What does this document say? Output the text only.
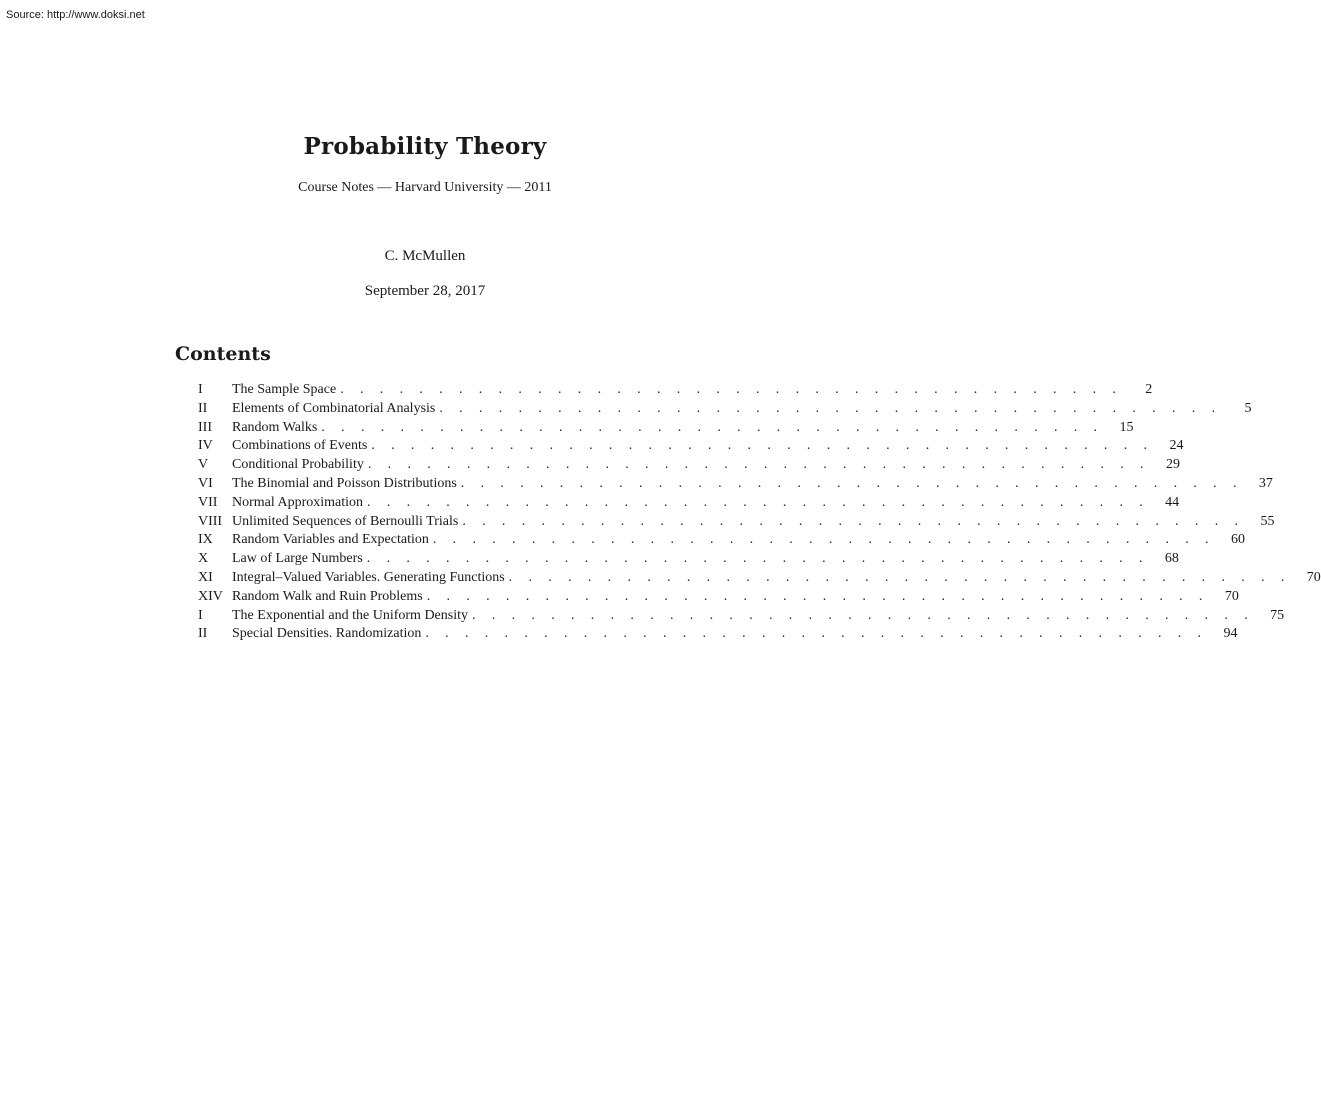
Source: http://www.doksi.net
Probability Theory
Course Notes — Harvard University — 2011
C. McMullen
September 28, 2017
Contents
I	The Sample Space . . . . . . . . . . . . . . . . . . . . . . . . . . . . . . . . . . . . . . . .	2
II	Elements of Combinatorial Analysis . . . . . . . . . . . . . . . . . . . . . . . . . . . . . . . . . . . . . . . .	5
III	Random Walks . . . . . . . . . . . . . . . . . . . . . . . . . . . . . . . . . . . . . . . .	15
IV	Combinations of Events . . . . . . . . . . . . . . . . . . . . . . . . . . . . . . . . . . . . . . . .	24
V	Conditional Probability . . . . . . . . . . . . . . . . . . . . . . . . . . . . . . . . . . . . . . . .	29
VI	The Binomial and Poisson Distributions . . . . . . . . . . . . . . . . . . . . . . . . . . . . . . . . . . . . . . . .	37
VII	Normal Approximation . . . . . . . . . . . . . . . . . . . . . . . . . . . . . . . . . . . . . . . .	44
VIII Unlimited Sequences of Bernoulli Trials . . . . . . . . . . . . . . . . . . . . . . . . . . . . . . . . . . . . . . . .	55
IX	Random Variables and Expectation . . . . . . . . . . . . . . . . . . . . . . . . . . . . . . . . . . . . . . . .	60
X	Law of Large Numbers . . . . . . . . . . . . . . . . . . . . . . . . . . . . . . . . . . . . . . . .	68
XI	Integral–Valued Variables. Generating Functions . . . . . . . . . . . . . . . . . . . . . . . . . . . . . . . . . . . . . . . .	70
XIV Random Walk and Ruin Problems . . . . . . . . . . . . . . . . . . . . . . . . . . . . . . . . . . . . . . . .	70
I	The Exponential and the Uniform Density . . . . . . . . . . . . . . . . . . . . . . . . . . . . . . . . . . . . . . . .	75
II	Special Densities. Randomization . . . . . . . . . . . . . . . . . . . . . . . . . . . . . . . . . . . . . . . .	94
